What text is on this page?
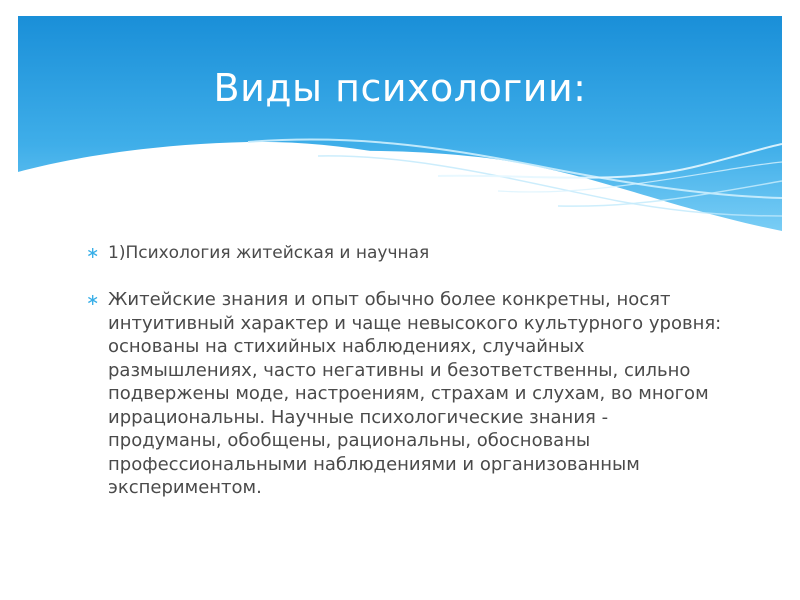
Виды психологии:
∗ 1)Психология житейская и научная
∗ Житейские знания и опыт обычно более конкретны, носят интуитивный характер и чаще невысокого культурного уровня: основаны на стихийных наблюдениях, случайных размышлениях, часто негативны и безответственны, сильно подвержены моде, настроениям, страхам и слухам, во многом иррациональны. Научные психологические знания - продуманы, обобщены, рациональны, обоснованы профессиональными наблюдениями и организованным экспериментом.
